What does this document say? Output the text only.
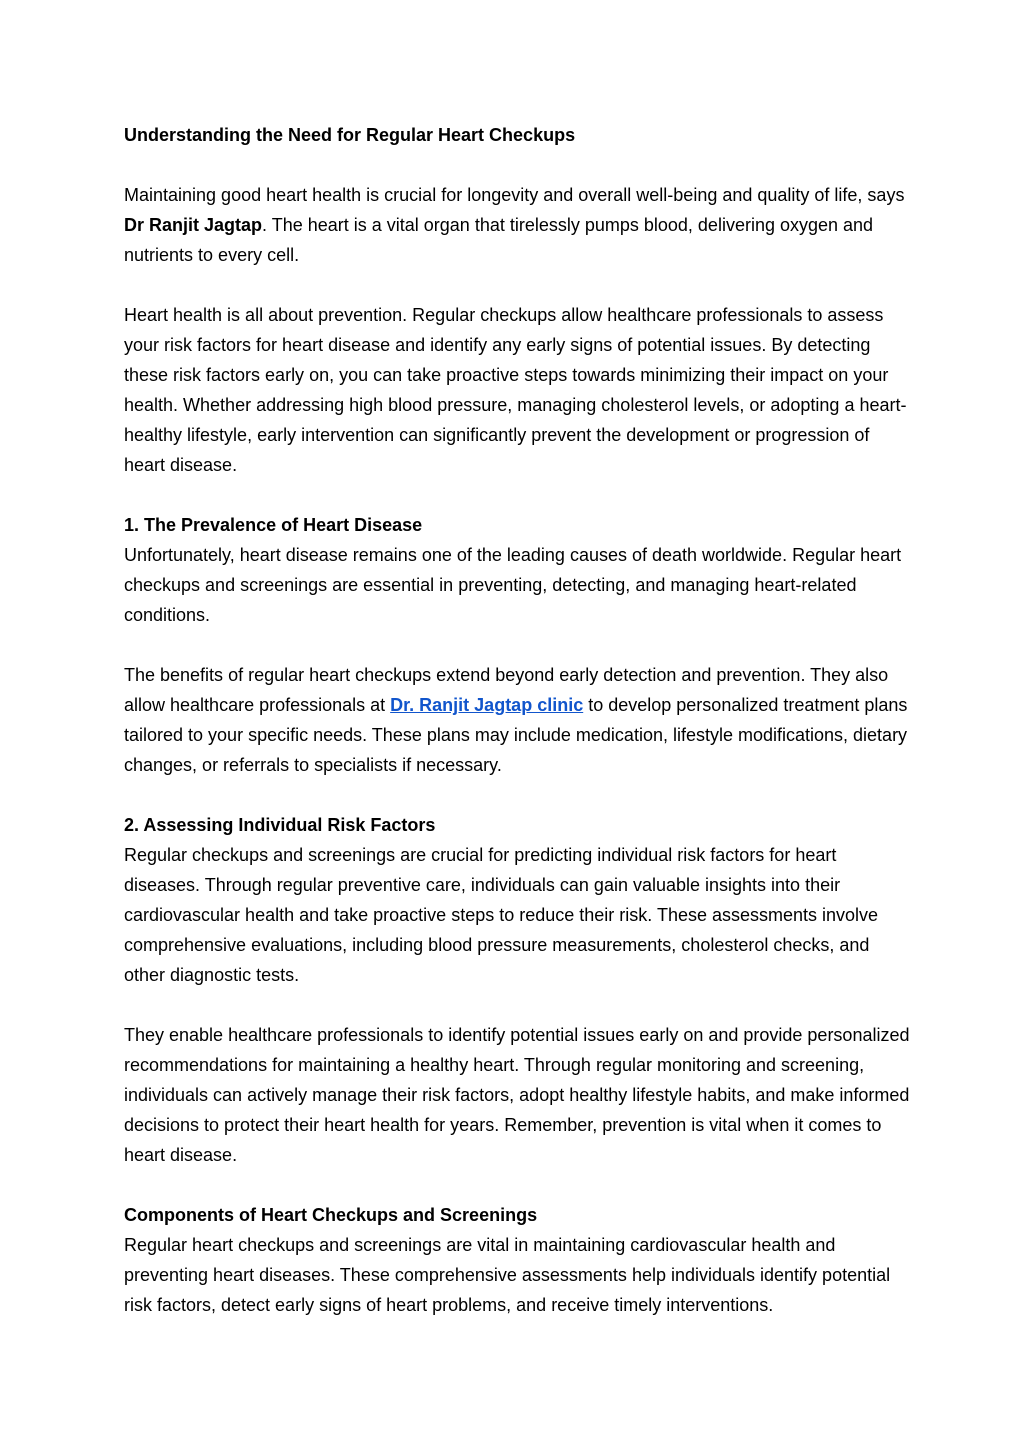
Understanding the Need for Regular Heart Checkups

Maintaining good heart health is crucial for longevity and overall well-being and quality of life, says Dr Ranjit Jagtap. The heart is a vital organ that tirelessly pumps blood, delivering oxygen and nutrients to every cell.

Heart health is all about prevention. Regular checkups allow healthcare professionals to assess your risk factors for heart disease and identify any early signs of potential issues. By detecting these risk factors early on, you can take proactive steps towards minimizing their impact on your health. Whether addressing high blood pressure, managing cholesterol levels, or adopting a heart-healthy lifestyle, early intervention can significantly prevent the development or progression of heart disease.

1. The Prevalence of Heart Disease

Unfortunately, heart disease remains one of the leading causes of death worldwide. Regular heart checkups and screenings are essential in preventing, detecting, and managing heart-related conditions.

The benefits of regular heart checkups extend beyond early detection and prevention. They also allow healthcare professionals at Dr. Ranjit Jagtap clinic to develop personalized treatment plans tailored to your specific needs. These plans may include medication, lifestyle modifications, dietary changes, or referrals to specialists if necessary.

2. Assessing Individual Risk Factors

Regular checkups and screenings are crucial for predicting individual risk factors for heart diseases. Through regular preventive care, individuals can gain valuable insights into their cardiovascular health and take proactive steps to reduce their risk. These assessments involve comprehensive evaluations, including blood pressure measurements, cholesterol checks, and other diagnostic tests.

They enable healthcare professionals to identify potential issues early on and provide personalized recommendations for maintaining a healthy heart. Through regular monitoring and screening, individuals can actively manage their risk factors, adopt healthy lifestyle habits, and make informed decisions to protect their heart health for years. Remember, prevention is vital when it comes to heart disease.

Components of Heart Checkups and Screenings

Regular heart checkups and screenings are vital in maintaining cardiovascular health and preventing heart diseases. These comprehensive assessments help individuals identify potential risk factors, detect early signs of heart problems, and receive timely interventions.
